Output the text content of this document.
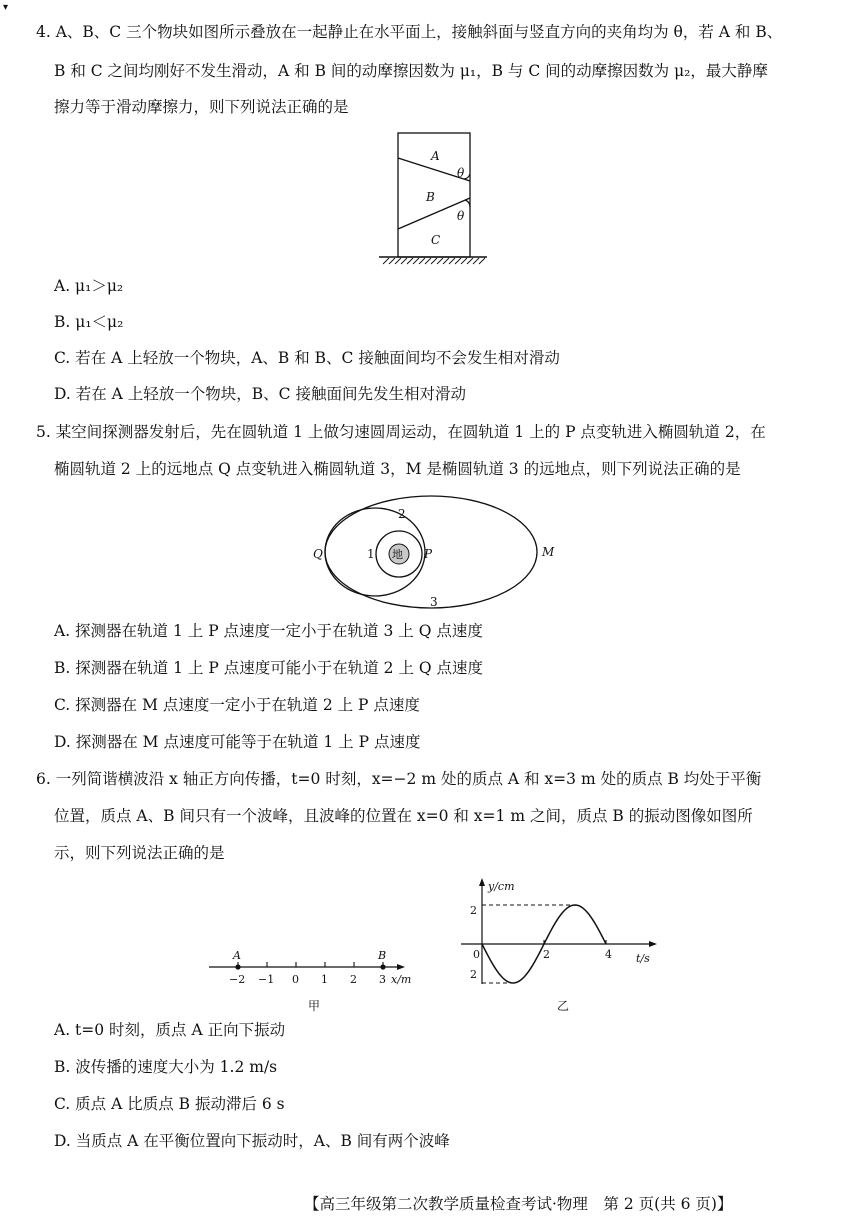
▾
4. A、B、C 三个物块如图所示叠放在一起静止在水平面上，接触斜面与竖直方向的夹角均为 θ，若 A 和 B、
B 和 C 之间均刚好不发生滑动，A 和 B 间的动摩擦因数为 μ₁，B 与 C 间的动摩擦因数为 μ₂，最大静摩
擦力等于滑动摩擦力，则下列说法正确的是
A
B
C
θ
θ
A. μ₁＞μ₂
B. μ₁＜μ₂
C. 若在 A 上轻放一个物块，A、B 和 B、C 接触面间均不会发生相对滑动
D. 若在 A 上轻放一个物块，B、C 接触面间先发生相对滑动
5. 某空间探测器发射后，先在圆轨道 1 上做匀速圆周运动，在圆轨道 1 上的 P 点变轨进入椭圆轨道 2，在
椭圆轨道 2 上的远地点 Q 点变轨进入椭圆轨道 3，M 是椭圆轨道 3 的远地点，则下列说法正确的是
地
Q	P	M
1
2
3
A. 探测器在轨道 1 上 P 点速度一定小于在轨道 3 上 Q 点速度
B. 探测器在轨道 1 上 P 点速度可能小于在轨道 2 上 Q 点速度
C. 探测器在 M 点速度一定小于在轨道 2 上 P 点速度
D. 探测器在 M 点速度可能等于在轨道 1 上 P 点速度
6. 一列简谐横波沿 x 轴正方向传播，t=0 时刻，x=−2 m 处的质点 A 和 x=3 m 处的质点 B 均处于平衡
位置，质点 A、B 间只有一个波峰，且波峰的位置在 x=0 和 x=1 m 之间，质点 B 的振动图像如图所
示，则下列说法正确的是
A	B
−2 −1 0 1 2 3 x/m
甲
y/cm
t/s
2
2
0	2	4
乙
A. t=0 时刻，质点 A 正向下振动
B. 波传播的速度大小为 1.2 m/s
C. 质点 A 比质点 B 振动滞后 6 s
D. 当质点 A 在平衡位置向下振动时，A、B 间有两个波峰
【高三年级第二次教学质量检查考试·物理　第 2 页(共 6 页)】
